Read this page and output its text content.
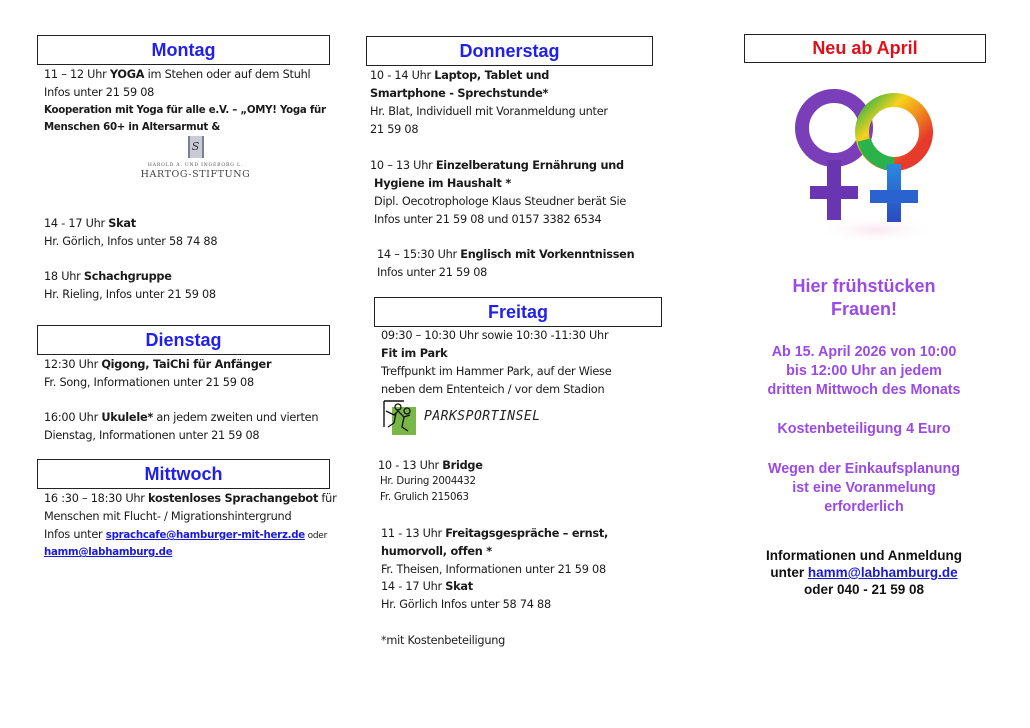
Montag
11 – 12 Uhr YOGA im Stehen oder auf dem Stuhl
Infos unter 21 59 08
Kooperation mit Yoga für alle e.V. – „OMY! Yoga für
Menschen 60+ in Altersarmut &
S
HAROLD A. UND INGEBORG L.
HARTOG-STIFTUNG
14 - 17 Uhr Skat
Hr. Görlich, Infos unter 58 74 88
18 Uhr Schachgruppe
Hr. Rieling, Infos unter 21 59 08
Dienstag
12:30 Uhr Qigong, TaiChi für Anfänger
Fr. Song, Informationen unter 21 59 08
16:00 Uhr Ukulele* an jedem zweiten und vierten
Dienstag, Informationen unter 21 59 08
Mittwoch
16 :30 – 18:30 Uhr kostenloses Sprachangebot für
Menschen mit Flucht- / Migrationshintergrund
Infos unter sprachcafe@hamburger-mit-herz.de oder
hamm@labhamburg.de
Donnerstag
10 - 14 Uhr Laptop, Tablet und
Smartphone - Sprechstunde*
Hr. Blat, Individuell mit Voranmeldung unter
21 59 08
10 – 13 Uhr Einzelberatung Ernährung und
Hygiene im Haushalt *
Dipl. Oecotrophologe Klaus Steudner berät Sie
Infos unter 21 59 08 und 0157 3382 6534
14 – 15:30 Uhr Englisch mit Vorkenntnissen
Infos unter 21 59 08
Freitag
09:30 – 10:30 Uhr sowie 10:30 -11:30 Uhr
Fit im Park
Treffpunkt im Hammer Park, auf der Wiese
neben dem Ententeich / vor dem Stadion
PARKSPORTINSEL
10 - 13 Uhr Bridge
Hr. During 2004432
Fr. Grulich 215063
11 - 13 Uhr Freitagsgespräche – ernst,
humorvoll, offen *
Fr. Theisen, Informationen unter 21 59 08
14 - 17 Uhr Skat
Hr. Görlich Infos unter 58 74 88
*mit Kostenbeteiligung
Neu ab April
Hier frühstücken
Frauen!
Ab 15. April 2026 von 10:00
bis 12:00 Uhr an jedem
dritten Mittwoch des Monats
Kostenbeteiligung 4 Euro
Wegen der Einkaufsplanung
ist eine Voranmelung
erforderlich
Informationen und Anmeldung
unter hamm@labhamburg.de
oder 040 - 21 59 08
